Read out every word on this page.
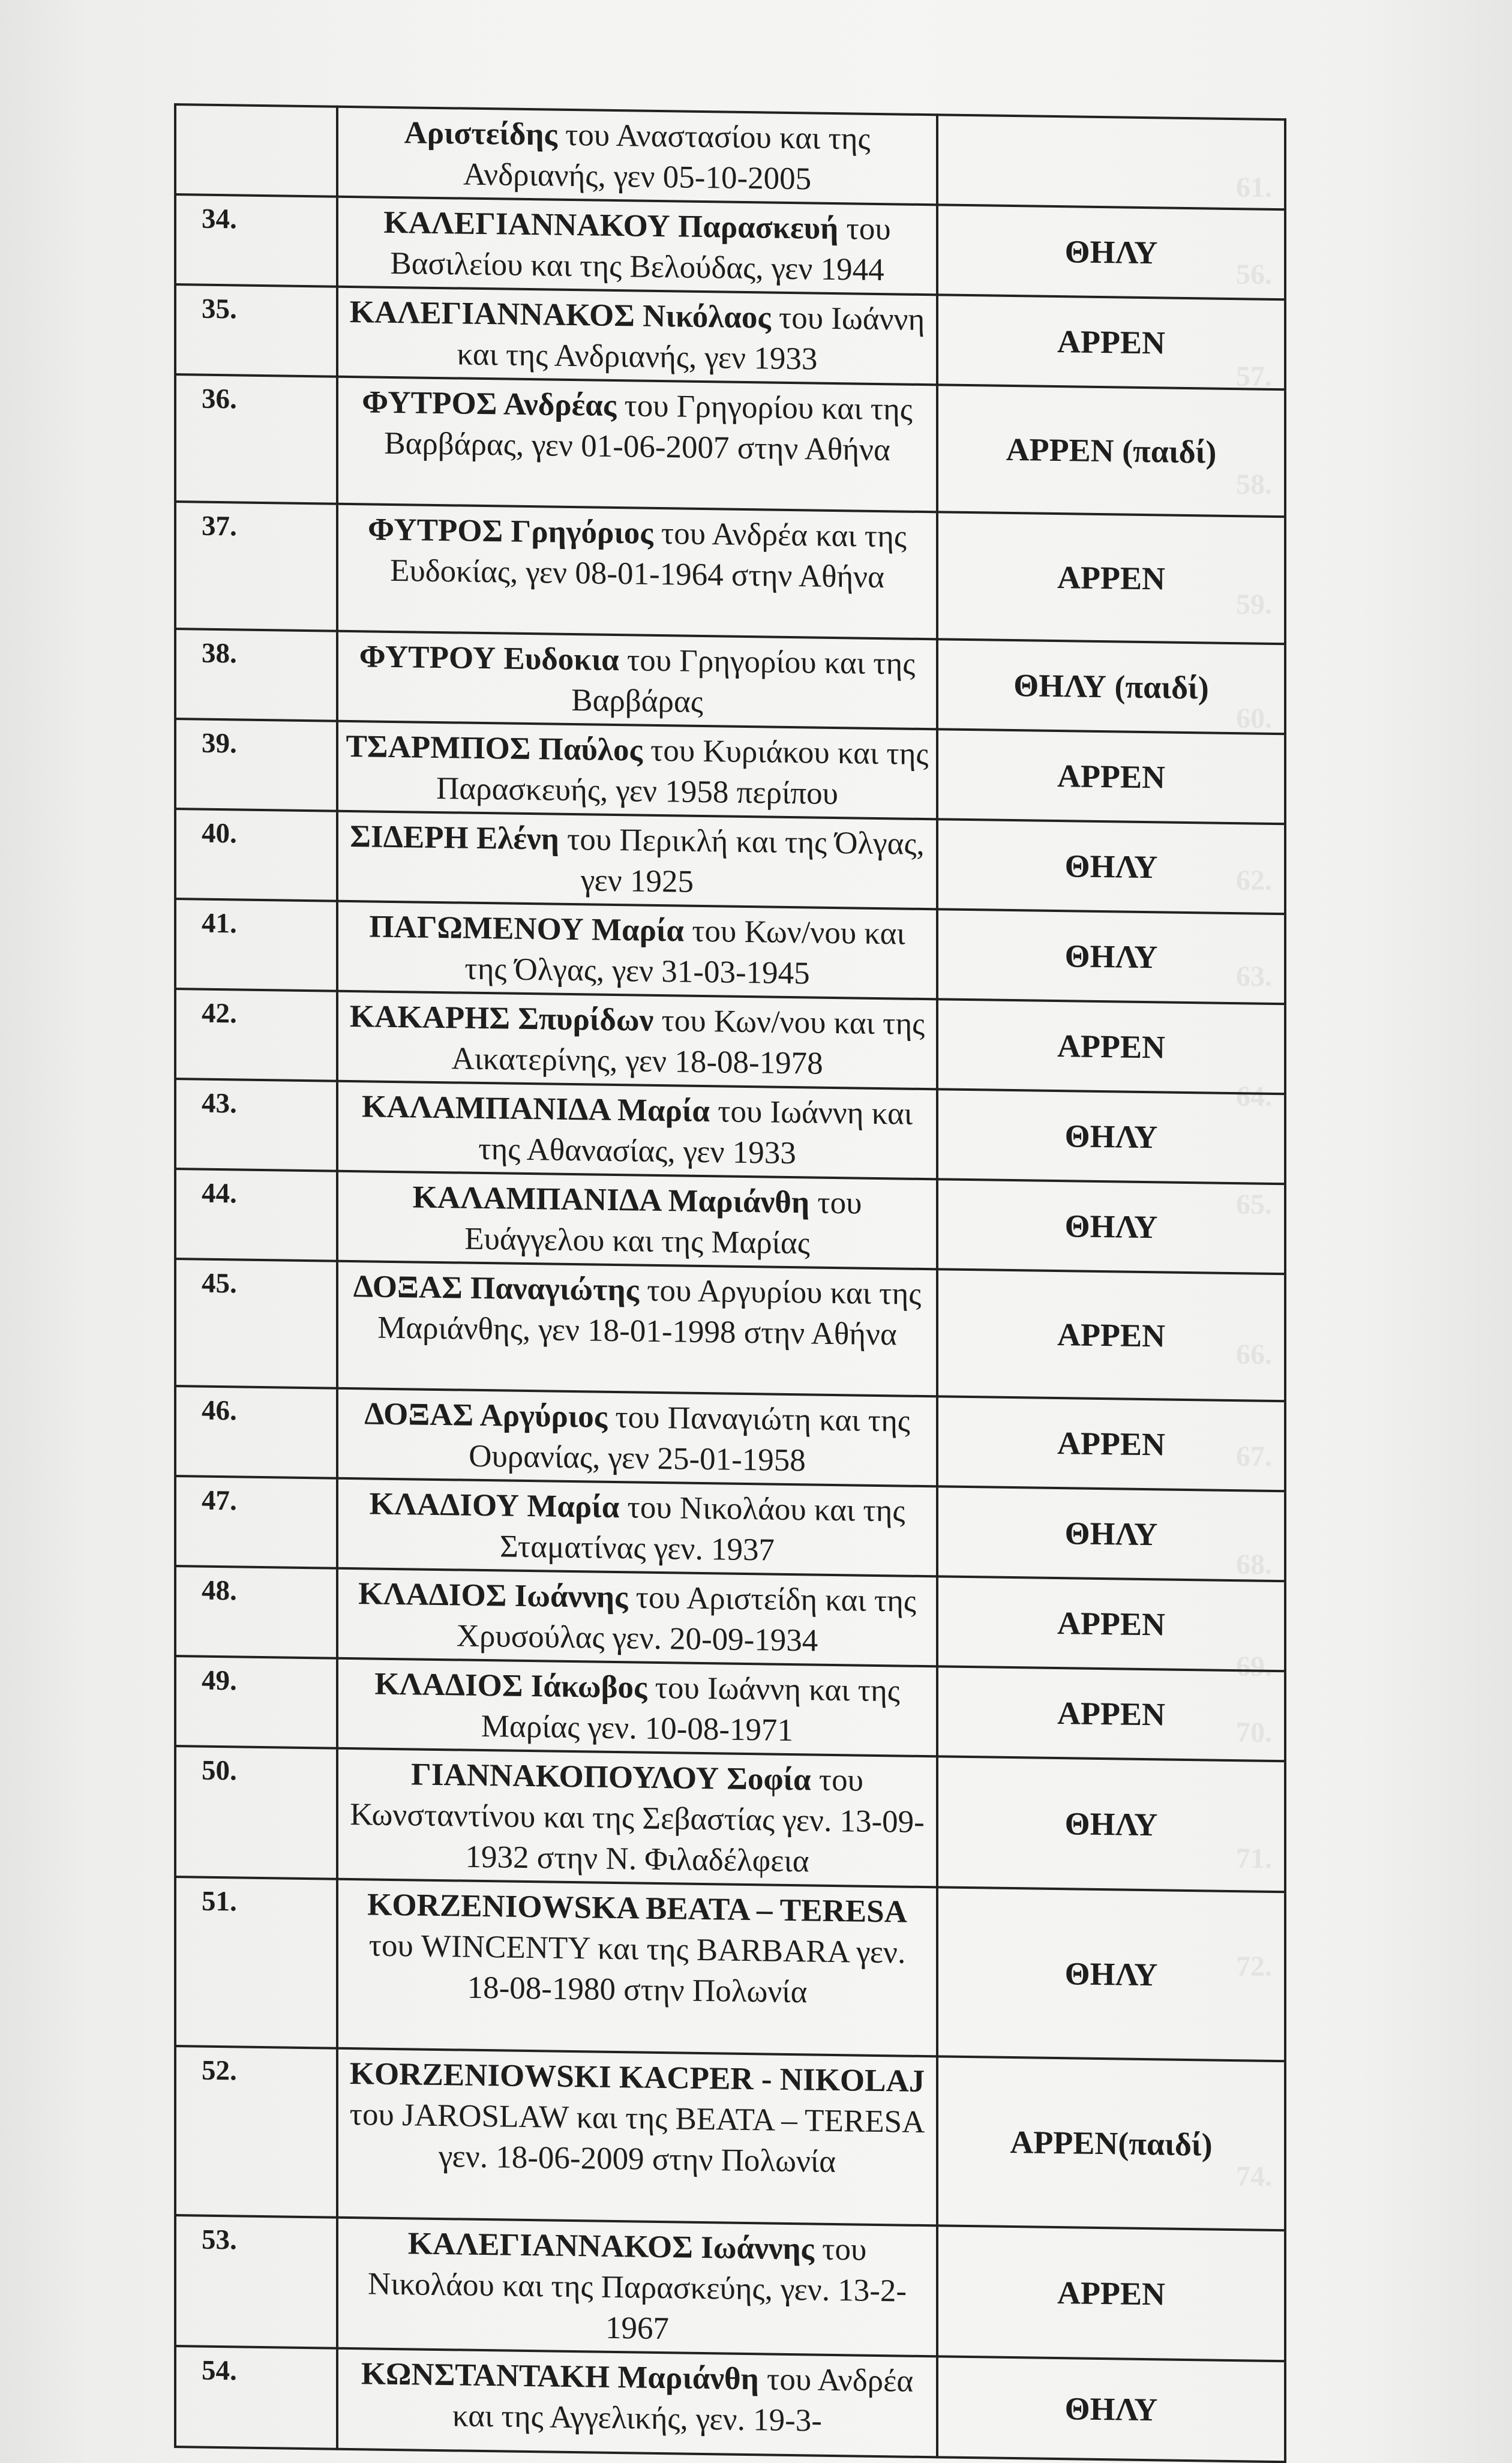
61.
56.
57.
58.
59.
60.
62.
63.
64.
65.
66.
67.
68.
69.
70.
71.
72.
74.
	Αριστείδης του Αναστασίου και της Ανδριανής, γεν 05-10-2005	
34.	ΚΑΛΕΓΙΑΝΝΑΚΟΥ Παρασκευή του Βασιλείου και της Βελούδας, γεν 1944	ΘΗΛΥ
35.	ΚΑΛΕΓΙΑΝΝΑΚΟΣ Νικόλαος του Ιωάννη και της Ανδριανής, γεν 1933	ΑΡΡΕΝ
36.	ΦΥΤΡΟΣ Ανδρέας του Γρηγορίου και της Βαρβάρας, γεν 01-06-2007 στην Αθήνα	ΑΡΡΕΝ (παιδί)
37.	ΦΥΤΡΟΣ Γρηγόριος του Ανδρέα και της Ευδοκίας, γεν 08-01-1964 στην Αθήνα	ΑΡΡΕΝ
38.	ΦΥΤΡΟΥ Ευδοκια του Γρηγορίου και της Βαρβάρας	ΘΗΛΥ (παιδί)
39.	ΤΣΑΡΜΠΟΣ Παύλος του Κυριάκου και της Παρασκευής, γεν 1958 περίπου	ΑΡΡΕΝ
40.	ΣΙΔΕΡΗ Ελένη του Περικλή και της Όλγας, γεν 1925	ΘΗΛΥ
41.	ΠΑΓΩΜΕΝΟΥ Μαρία του Κων/νου και της Όλγας, γεν 31-03-1945	ΘΗΛΥ
42.	ΚΑΚΑΡΗΣ Σπυρίδων του Κων/νου και της Αικατερίνης, γεν 18-08-1978	ΑΡΡΕΝ
43.	ΚΑΛΑΜΠΑΝΙΔΑ Μαρία του Ιωάννη και της Αθανασίας, γεν 1933	ΘΗΛΥ
44.	ΚΑΛΑΜΠΑΝΙΔΑ Μαριάνθη του Ευάγγελου και της Μαρίας	ΘΗΛΥ
45.	ΔΟΞΑΣ Παναγιώτης του Αργυρίου και της Μαριάνθης, γεν 18-01-1998 στην Αθήνα	ΑΡΡΕΝ
46.	ΔΟΞΑΣ Αργύριος του Παναγιώτη και της Ουρανίας, γεν 25-01-1958	ΑΡΡΕΝ
47.	ΚΛΑΔΙΟΥ Μαρία του Νικολάου και της Σταματίνας γεν. 1937	ΘΗΛΥ
48.	ΚΛΑΔΙΟΣ Ιωάννης του Αριστείδη και της Χρυσούλας γεν. 20-09-1934	ΑΡΡΕΝ
49.	ΚΛΑΔΙΟΣ Ιάκωβος του Ιωάννη και της Μαρίας γεν. 10-08-1971	ΑΡΡΕΝ
50.	ΓΙΑΝΝΑΚΟΠΟΥΛΟΥ Σοφία του Κωνσταντίνου και της Σεβαστίας γεν. 13-09-1932 στην Ν. Φιλαδέλφεια	ΘΗΛΥ
51.	KORZENIOWSKA BEATA – TERESA του WINCENTY και της BARBARA γεν. 18-08-1980 στην Πολωνία	ΘΗΛΥ
52.	KORZENIOWSKI KACPER - NIKOLAJ του JAROSLAW και της BEATA – TERESA γεν. 18-06-2009 στην Πολωνία	ΑΡΡΕΝ(παιδί)
53.	ΚΑΛΕΓΙΑΝΝΑΚΟΣ Ιωάννης του Νικολάου και της Παρασκεύης, γεν. 13-2-1967	ΑΡΡΕΝ
54.	ΚΩΝΣΤΑΝΤΑΚΗ Μαριάνθη του Ανδρέα και της Αγγελικής, γεν. 19-3-	ΘΗΛΥ
